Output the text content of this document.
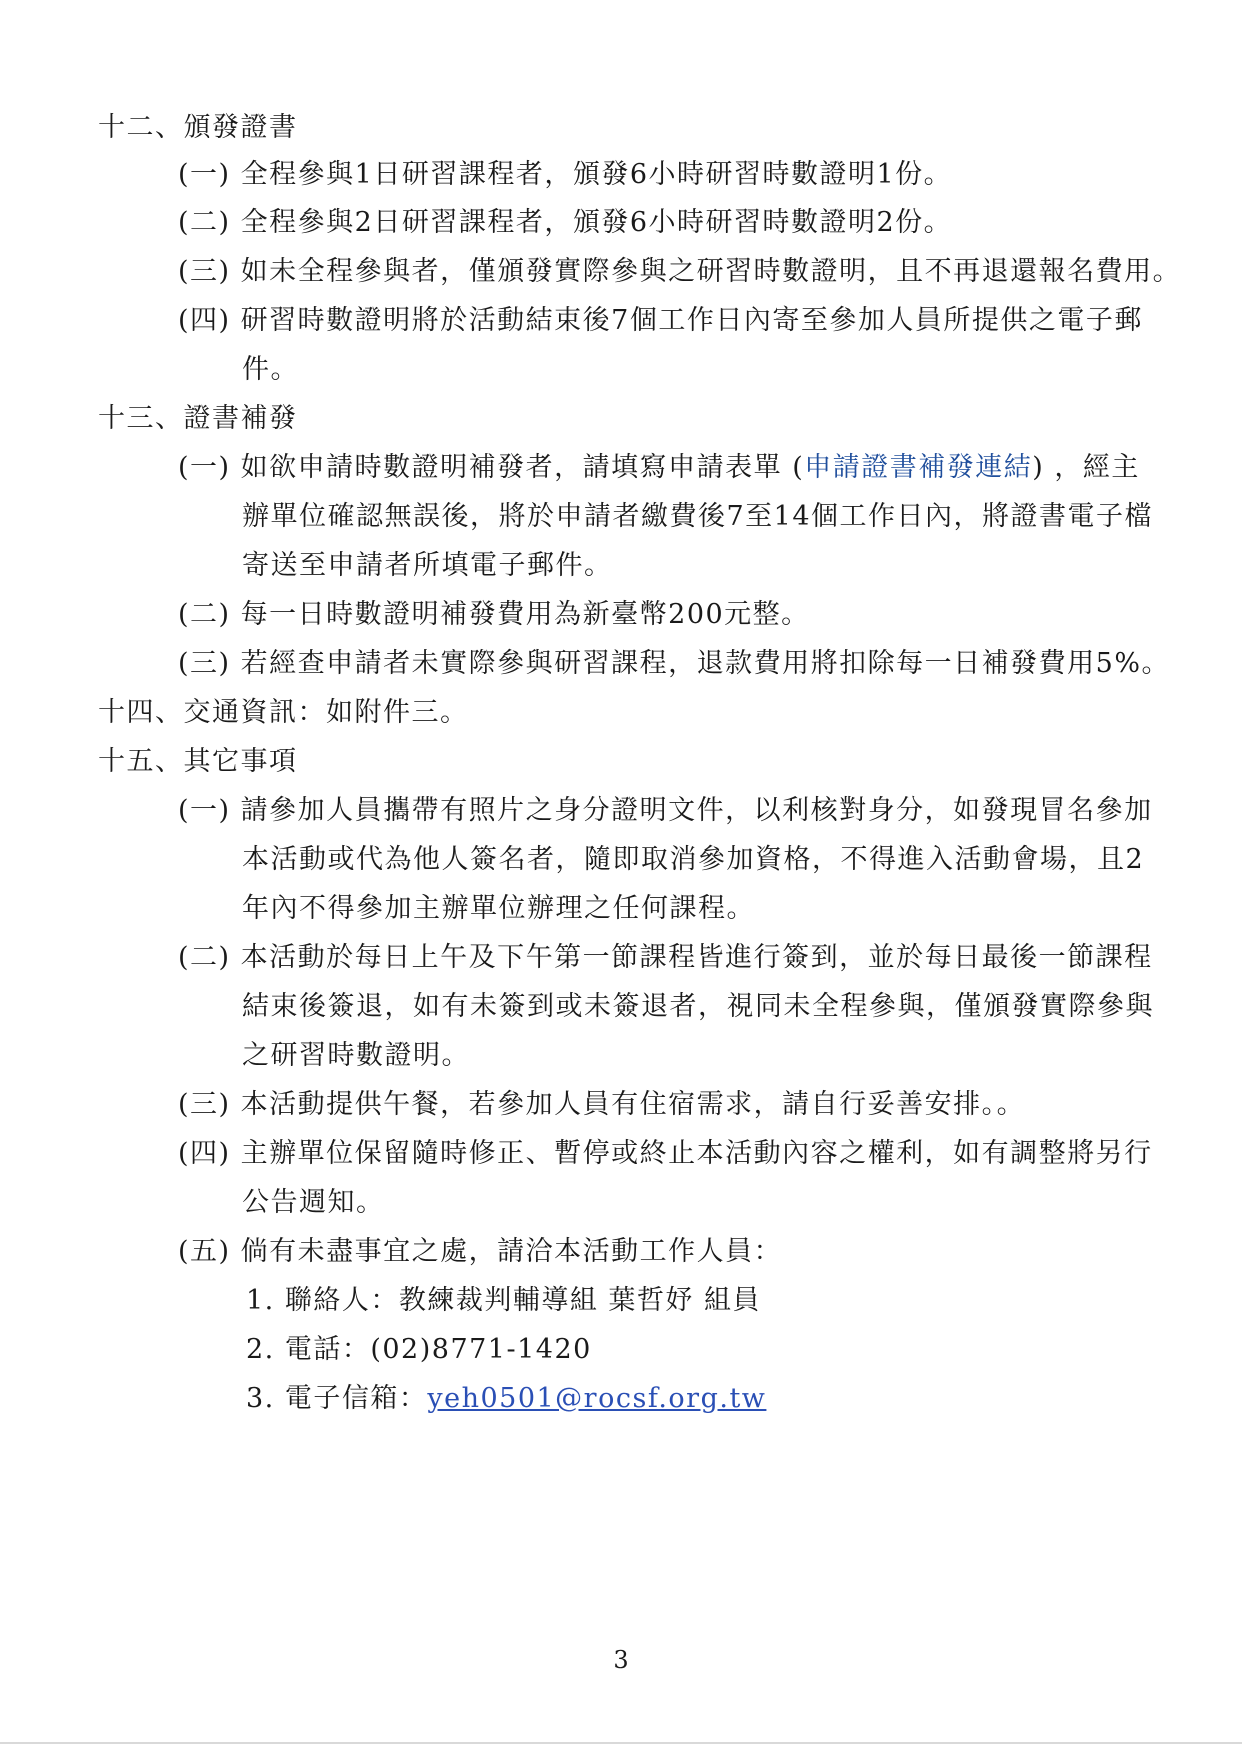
十二、頒發證書
(一) 全程參與1日研習課程者，頒發6小時研習時數證明1份。
(二) 全程參與2日研習課程者，頒發6小時研習時數證明2份。
(三) 如未全程參與者，僅頒發實際參與之研習時數證明，且不再退還報名費用。
(四) 研習時數證明將於活動結束後7個工作日內寄至參加人員所提供之電子郵
件。
十三、證書補發
(一) 如欲申請時數證明補發者，請填寫申請表單 (申請證書補發連結) ，經主
辦單位確認無誤後，將於申請者繳費後7至14個工作日內，將證書電子檔
寄送至申請者所填電子郵件。
(二) 每一日時數證明補發費用為新臺幣200元整。
(三) 若經查申請者未實際參與研習課程，退款費用將扣除每一日補發費用5%。
十四、交通資訊：如附件三。
十五、其它事項
(一) 請參加人員攜帶有照片之身分證明文件，以利核對身分，如發現冒名參加
本活動或代為他人簽名者，隨即取消參加資格，不得進入活動會場，且2
年內不得參加主辦單位辦理之任何課程。
(二) 本活動於每日上午及下午第一節課程皆進行簽到，並於每日最後一節課程
結束後簽退，如有未簽到或未簽退者，視同未全程參與，僅頒發實際參與
之研習時數證明。
(三) 本活動提供午餐，若參加人員有住宿需求，請自行妥善安排。。
(四) 主辦單位保留隨時修正、暫停或終止本活動內容之權利，如有調整將另行
公告週知。
(五) 倘有未盡事宜之處，請洽本活動工作人員：
1. 聯絡人：教練裁判輔導組 葉哲妤 組員
2. 電話：(02)8771-1420
3. 電子信箱：yeh0501@rocsf.org.tw
3
